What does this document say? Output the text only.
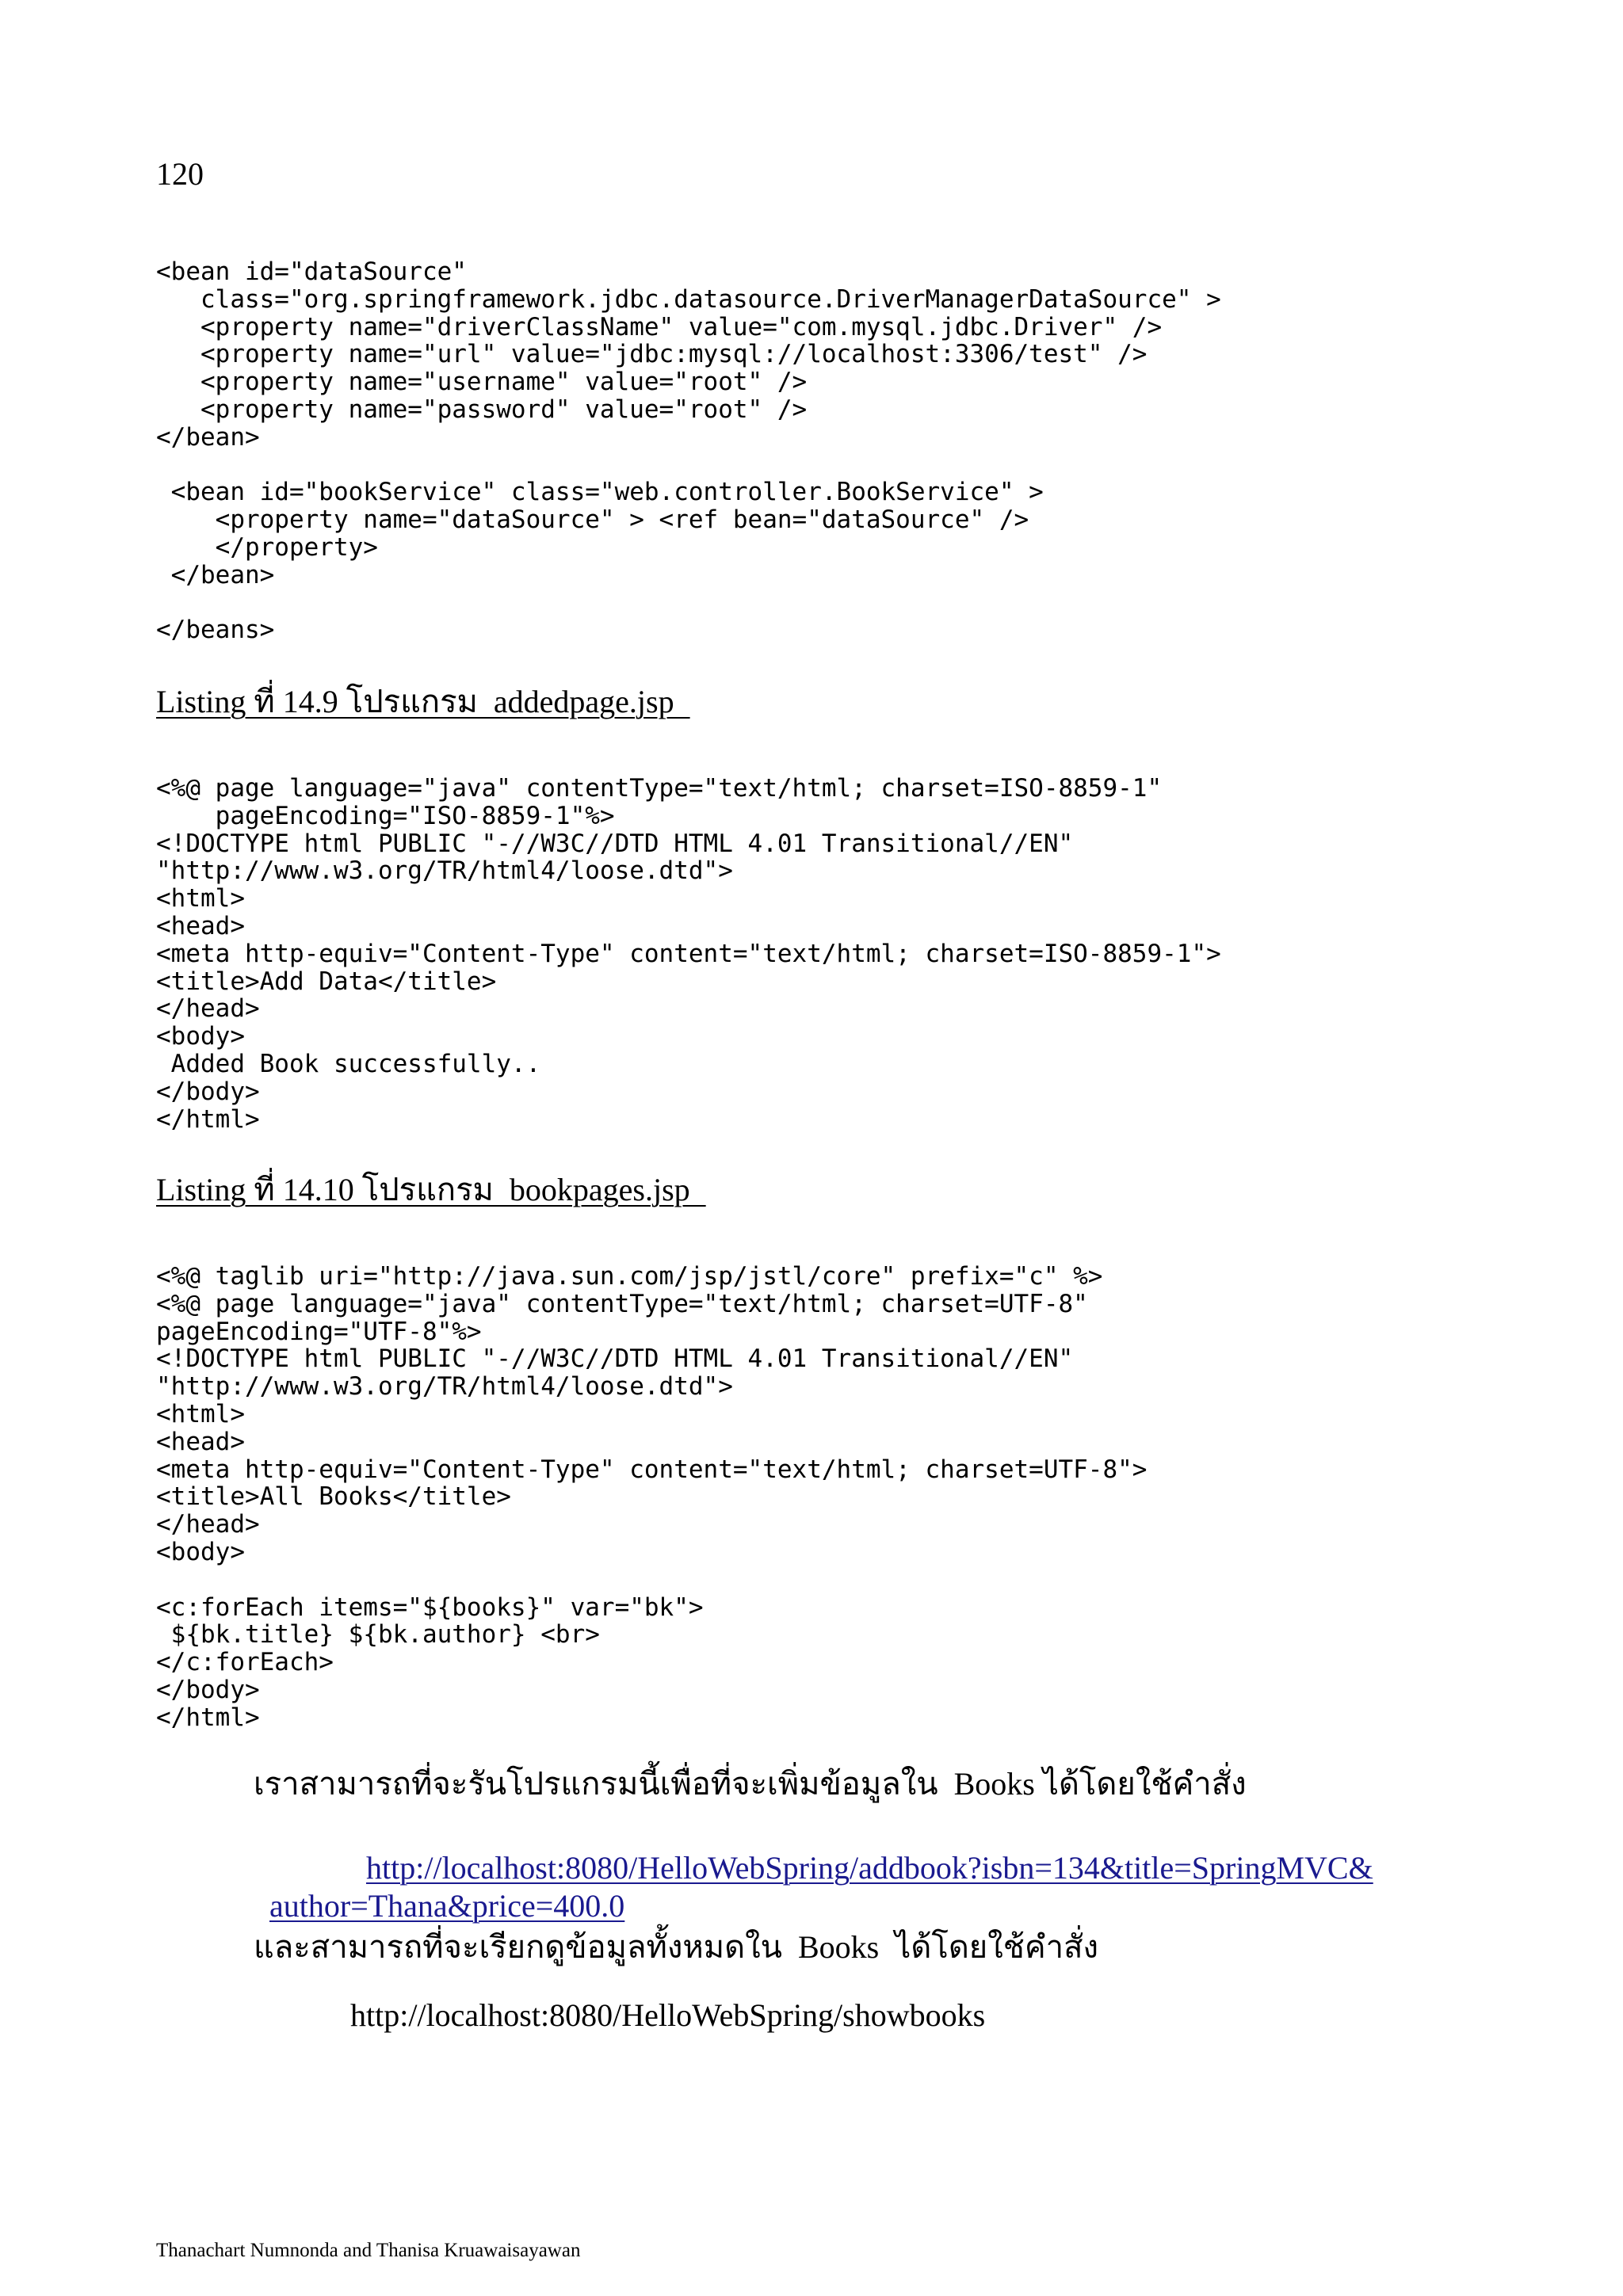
120
<bean id="dataSource"
class="org.springframework.jdbc.datasource.DriverManagerDataSource" >
<property name="driverClassName" value="com.mysql.jdbc.Driver" />
<property name="url" value="jdbc:mysql://localhost:3306/test" />
<property name="username" value="root" />
<property name="password" value="root" />
</bean>
<bean id="bookService" class="web.controller.BookService" >
<property name="dataSource" > <ref bean="dataSource" />
</property>
</bean>
</beans>
Listing ที่ 14.9 โปรแกรม  addedpage.jsp
<%@ page language="java" contentType="text/html; charset=ISO-8859-1"
pageEncoding="ISO-8859-1"%>
<!DOCTYPE html PUBLIC "-//W3C//DTD HTML 4.01 Transitional//EN"
"http://www.w3.org/TR/html4/loose.dtd">
<html>
<head>
<meta http-equiv="Content-Type" content="text/html; charset=ISO-8859-1">
<title>Add Data</title>
</head>
<body>
Added Book successfully..
</body>
</html>
Listing ที่ 14.10 โปรแกรม  bookpages.jsp
<%@ taglib uri="http://java.sun.com/jsp/jstl/core" prefix="c" %>
<%@ page language="java" contentType="text/html; charset=UTF-8"
pageEncoding="UTF-8"%>
<!DOCTYPE html PUBLIC "-//W3C//DTD HTML 4.01 Transitional//EN"
"http://www.w3.org/TR/html4/loose.dtd">
<html>
<head>
<meta http-equiv="Content-Type" content="text/html; charset=UTF-8">
<title>All Books</title>
</head>
<body>
<c:forEach items="${books}" var="bk">
${bk.title} ${bk.author} <br>
</c:forEach>
</body>
</html>
เราสามารถที่จะรันโปรแกรมนี้เพื่อที่จะเพิ่มข้อมูลใน  Books ได้โดยใช้คำสั่ง

http://localhost:8080/HelloWebSpring/addbook?isbn=134&title=SpringMVC&

author=Thana&price=400.0

และสามารถที่จะเรียกดูข้อมูลทั้งหมดใน  Books  ได้โดยใช้คำสั่ง
http://localhost:8080/HelloWebSpring/showbooks
Thanachart Numnonda and Thanisa Kruawaisayawan
